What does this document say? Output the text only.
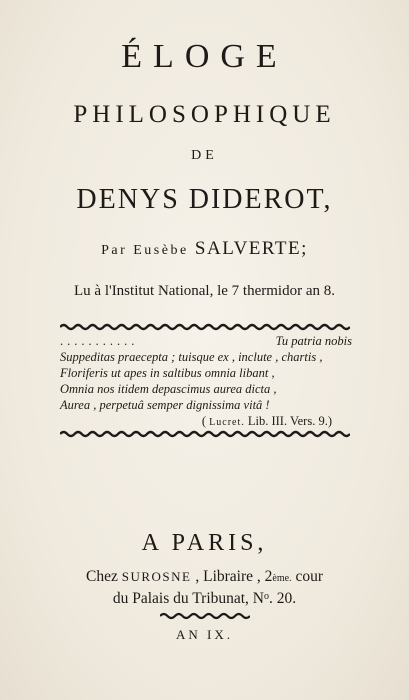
ÉLOGE
PHILOSOPHIQUE
DE
DENYS DIDEROT,
Par Eusèbe SALVERTE;
Lu à l'Institut National, le 7 thermidor an 8.
...........	Tu patria nobis
Suppeditas praecepta ; tuisque ex , inclute , chartis ,
Floriferis ut apes in saltibus omnia libant ,
Omnia nos itidem depascimus aurea dicta ,
Aurea , perpetuâ semper dignissima vitâ !
( Lucret. Lib. III. Vers. 9.)
A PARIS,
Chez SUROSNE , Libraire , 2ème. cour
du Palais du Tribunat, $N^o$. 20.
AN IX.
